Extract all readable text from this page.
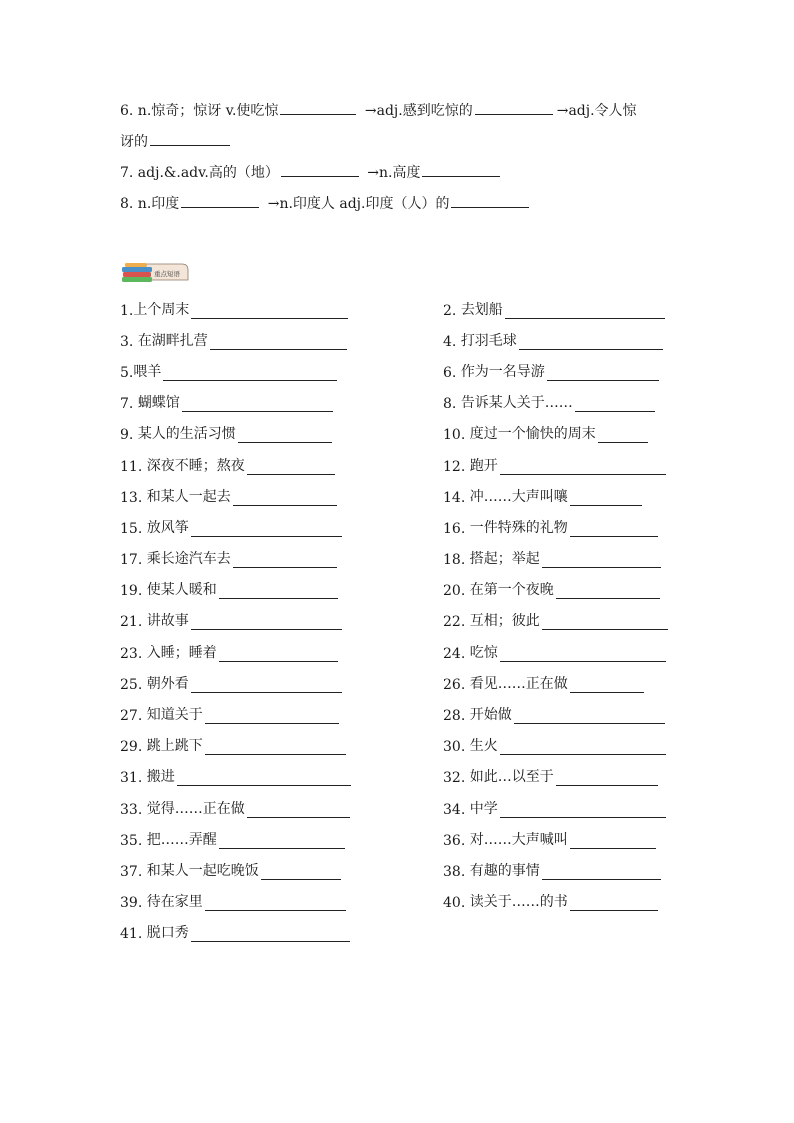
6. n.惊奇；惊讶 v.使吃惊	→adj.感到吃惊的	→adj.令人惊
讶的
7. adj.&.adv.高的（地）	→n.高度
8. n.印度	→n.印度人 adj.印度（人）的
重点短语
1. 上个周末	2. 去划船
3. 在湖畔扎营	4. 打羽毛球
5. 喂羊	6. 作为一名导游
7. 蝴蝶馆	8. 告诉某人关于……
9. 某人的生活习惯	10. 度过一个愉快的周末
11. 深夜不睡；熬夜	12. 跑开
13. 和某人一起去	14. 冲……大声叫嚷
15. 放风筝	16. 一件特殊的礼物
17. 乘长途汽车去	18. 搭起；举起
19. 使某人暖和	20. 在第一个夜晚
21. 讲故事	22. 互相；彼此
23. 入睡；睡着	24. 吃惊
25. 朝外看	26. 看见……正在做
27. 知道关于	28. 开始做
29. 跳上跳下	30. 生火
31. 搬进	32. 如此…以至于
33. 觉得……正在做	34. 中学
35. 把……弄醒	36. 对……大声喊叫
37. 和某人一起吃晚饭	38. 有趣的事情
39. 待在家里	40. 读关于……的书
41. 脱口秀
